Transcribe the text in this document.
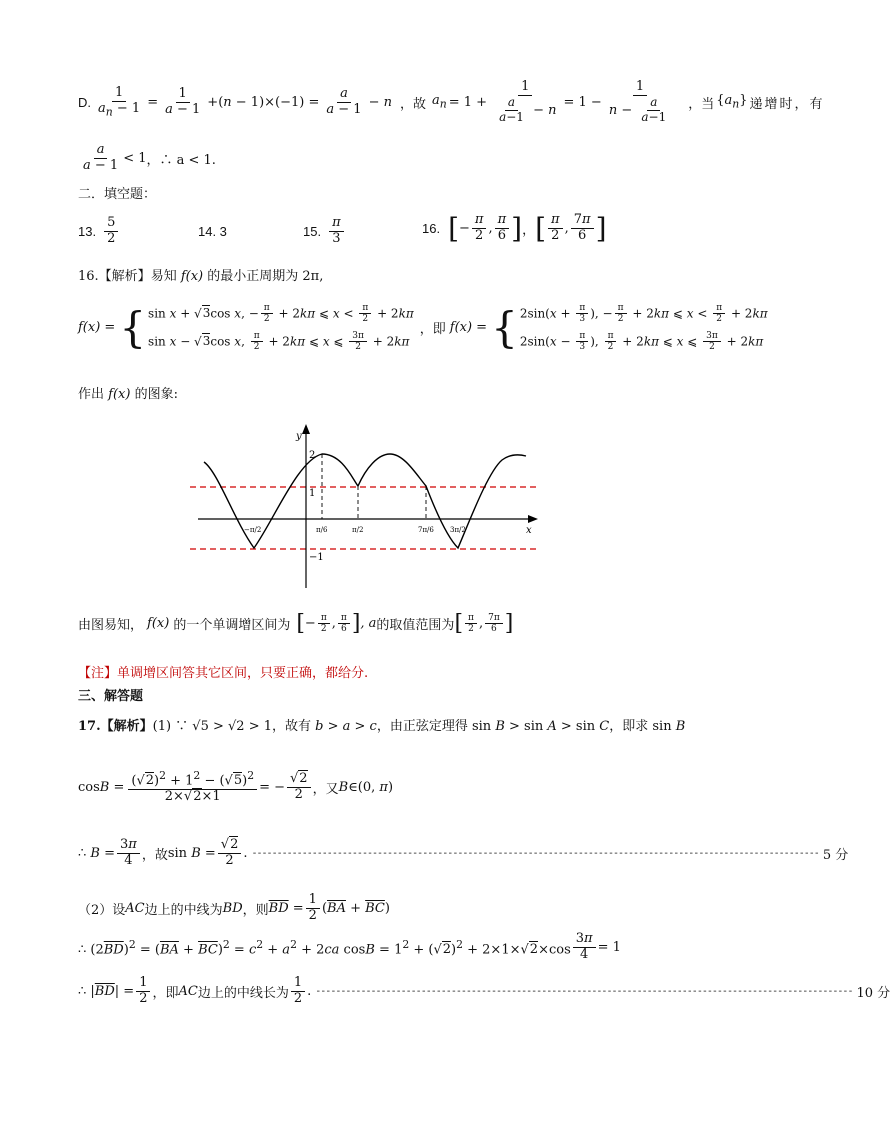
D. $\frac{1}{a_n - 1} = \frac{1}{a - 1} +(n - 1)\times(-1) = \frac{a}{a - 1} - n$ ，故 $a_n = 1 + \frac{1}{\frac{a}{a-1} - n} = 1 - \frac{1}{n - \frac{a}{a-1}}$ ，当 $\{a_n\}$ 递增时，有
$\frac{a}{a - 1} < 1$ ，∴ a < 1.
二．填空题：
13. $\frac{5}{2}$	14. 3	15. $\frac{\pi}{3}$	16. [ − $\frac{\pi}{2}$ , $\frac{\pi}{6}$ ] ， [ $\frac{\pi}{2}$ , $\frac{7\pi}{6}$ ]
16.【解析】易知 f(x) 的最小正周期为 2π,
f(x) = { sin x + √3cos x, − $\frac{\pi}{2} + 2k\pi$ ⩽ $x < \frac{\pi}{2} + 2k\pi$
sin x − √3cos x, $\frac{\pi}{2} + 2k\pi$ ⩽ x ⩽ $\frac{3\pi}{2} + 2k\pi$
，即 f(x) = { $2\sin(x + \frac{\pi}{3}$ ), − $\frac{\pi}{2} + 2k\pi$ ⩽ $x < \frac{\pi}{2} + 2k\pi$
$2\sin(x - \frac{\pi}{3}$ ), $\frac{\pi}{2} + 2k\pi$ ⩽ x ⩽ $\frac{3\pi}{2} + 2k\pi$
作出 f(x) 的图象:
y
x
2
1
−1
−π/2	π/6	π/2	7π/6 3π/2
由图易知， f(x) 的一个单调增区间为 [ − $\frac{\pi}{2}$ , $\frac{\pi}{6}$ ] , a 的取值范围为 [ $\frac{\pi}{2}$ , $\frac{7\pi}{6}$ ]
【注】单调增区间答其它区间，只要正确，都给分.
三、解答题
17.【解析】(1) ∵ √5 > √2 > 1，故有 b > a > c，由正弦定理得 sin B > sin A > sin C，即求 sin B
$\cos B = \frac{(√2)^2 + 1^2 - (√5)^2}{2\times√2\times 1}$ = − $\frac{√2}{2}$ ，又 B ∈(0, π)
∴ $B = \frac{3\pi}{4}$ ，故 $\sin B = \frac{√2}{2}$ . ----------------------------------------------------------------------------------------------------------------- 5 分
（2）设 AC 边上的中线为 BD ，则 $\overline{BD} = \frac{1}{2} (\overline{BA} + \overline{BC})$
∴ $(2\overline{BD})^2 = (\overline{BA} + \overline{BC})^2 = c^2 + a^2 + 2ca$ $\cos B = 1^2 + (√2)^2 + 2\times 1\times√2\times\cos \frac{3\pi}{4} = 1$
∴ $|\overline{BD}| = \frac{1}{2}$ ，即 AC 边上的中线长为 $\frac{1}{2}$ . ----------------------------------------------------------------------------------------------------------- 10 分
